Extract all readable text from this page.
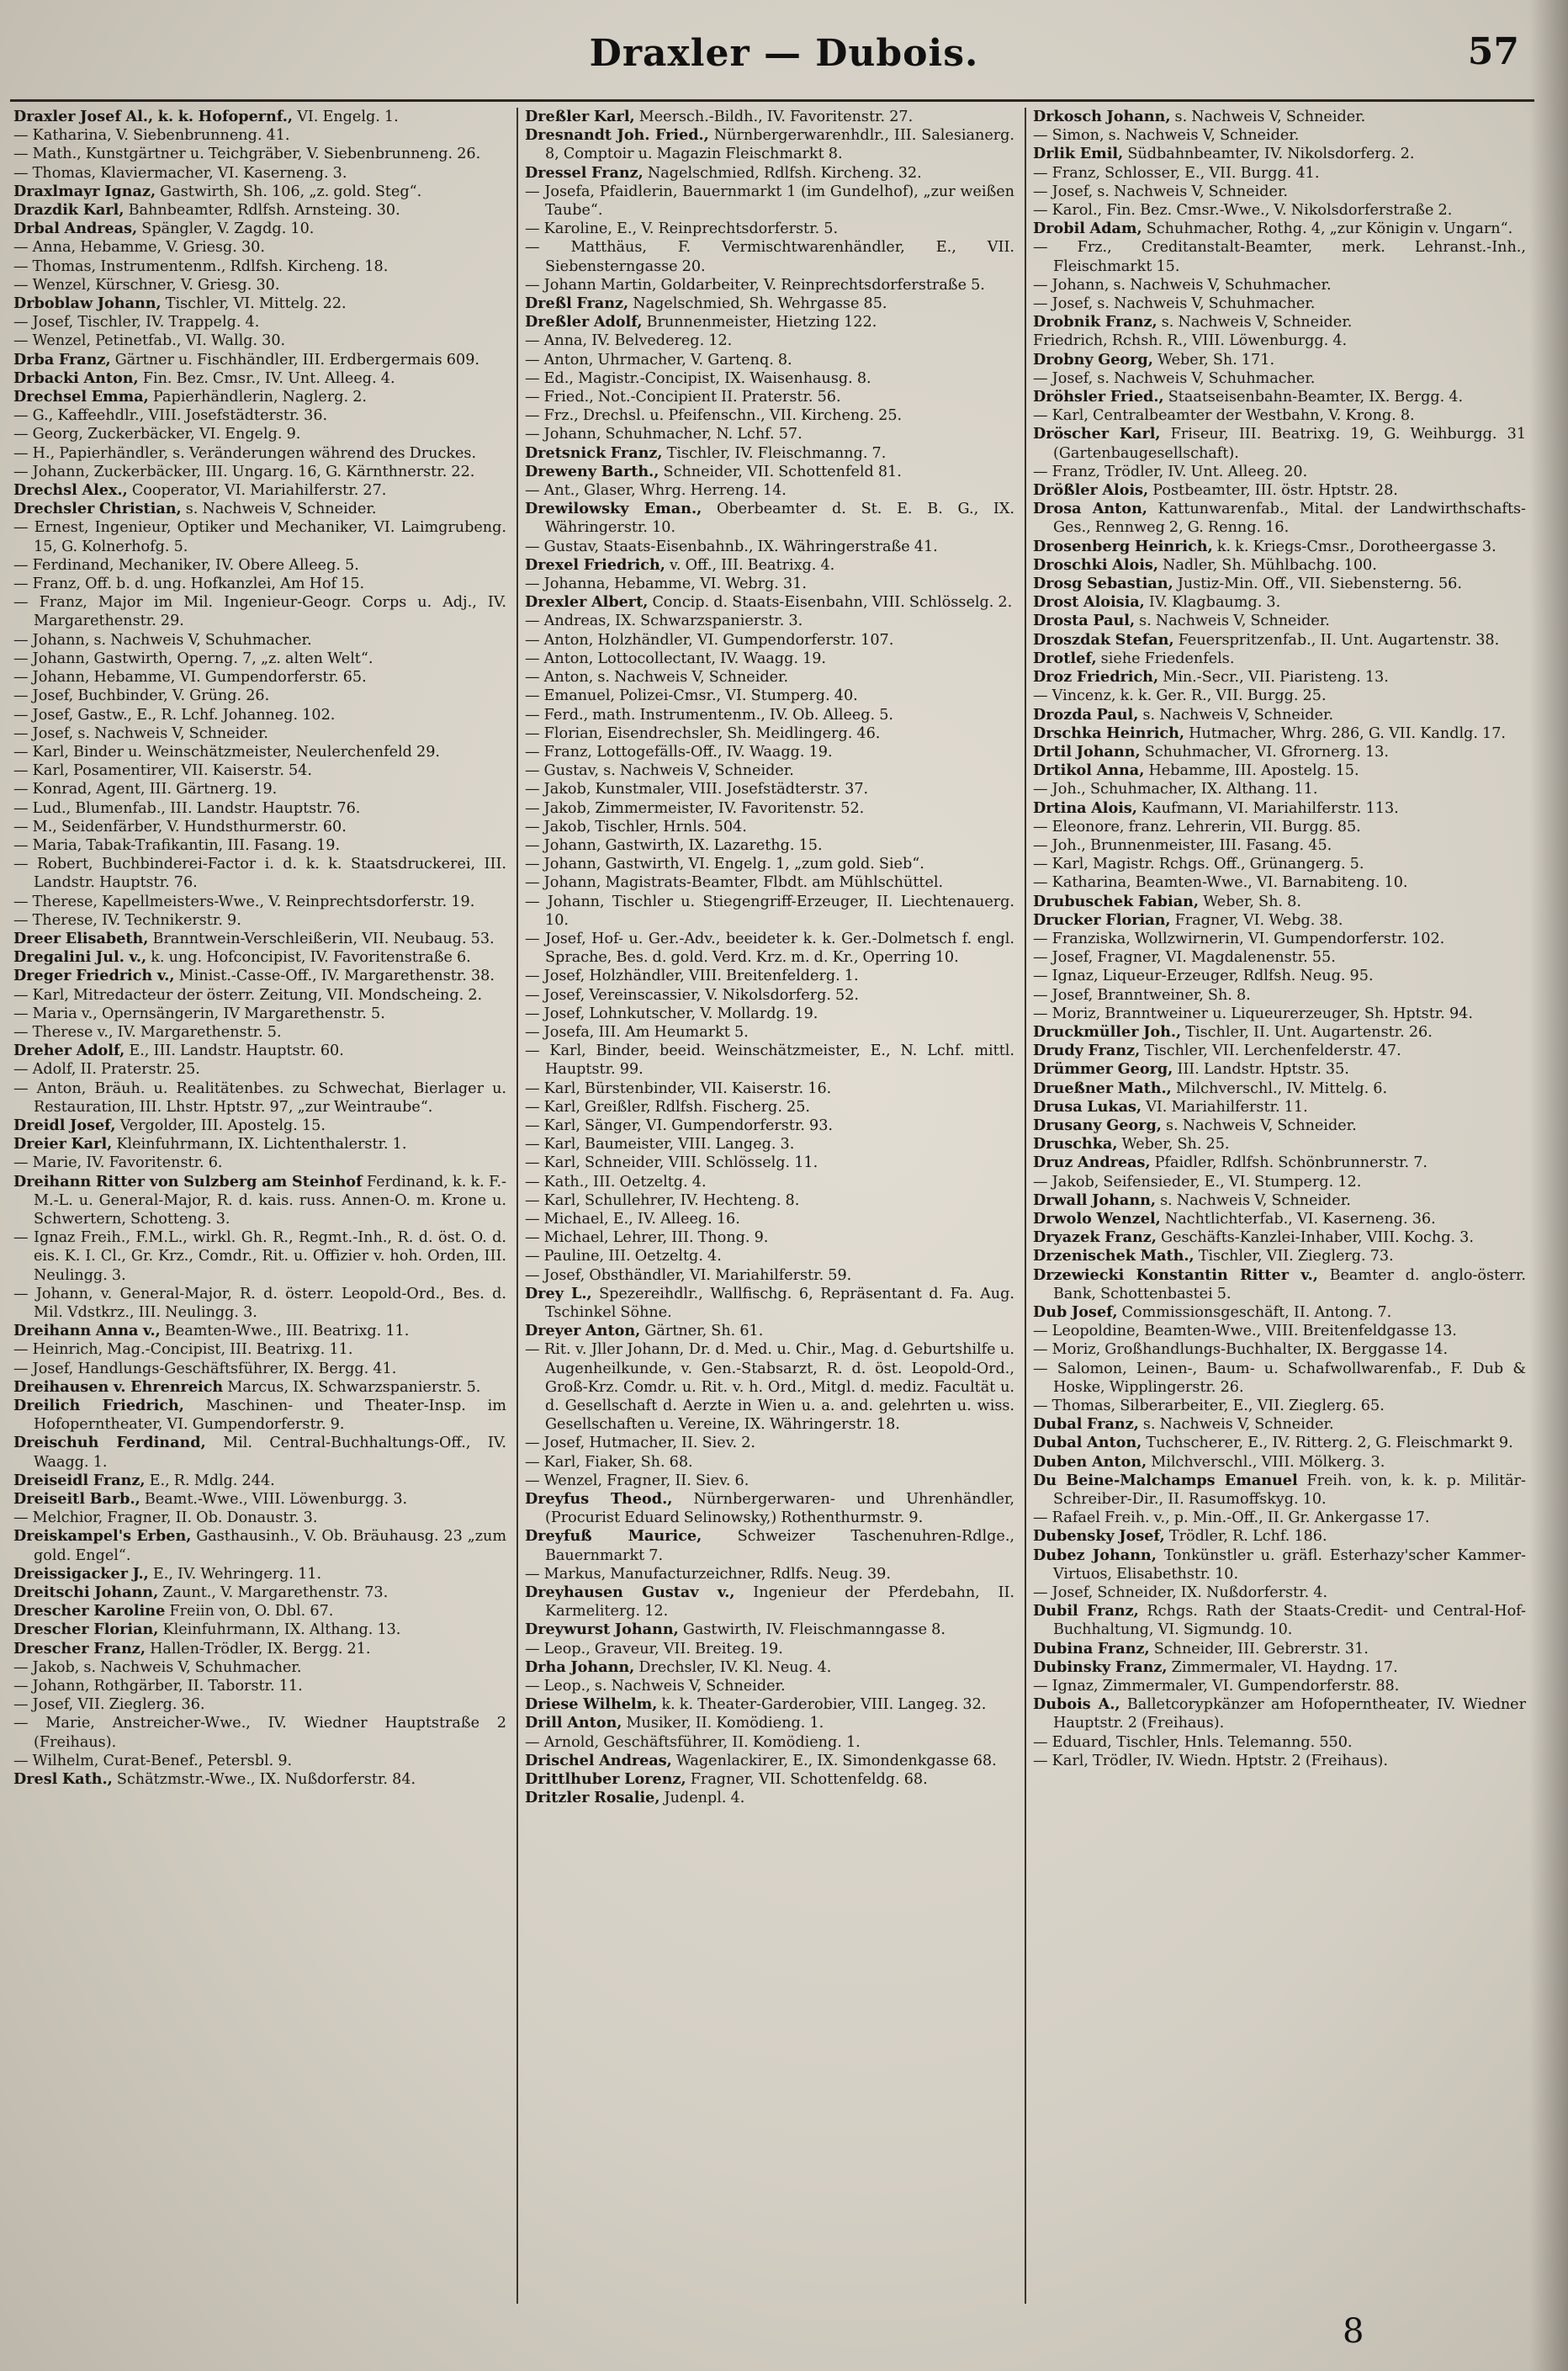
Draxler — Dubois.	57

Draxler Josef Al., k. k. Hofopernf., VI. Engelg. 1.

— Katharina, V. Siebenbrunneng. 41.

— Math., Kunstgärtner u. Teichgräber, V. Siebenbrunneng. 26.

— Thomas, Klaviermacher, VI. Kaserneng. 3.

Draxlmayr Ignaz, Gastwirth, Sh. 106, „z. gold. Steg“.

Drazdik Karl, Bahnbeamter, Rdlfsh. Arnsteing. 30.

Drbal Andreas, Spängler, V. Zagdg. 10.

— Anna, Hebamme, V. Griesg. 30.

— Thomas, Instrumentenm., Rdlfsh. Kircheng. 18.

— Wenzel, Kürschner, V. Griesg. 30.

Drboblaw Johann, Tischler, VI. Mittelg. 22.

— Josef, Tischler, IV. Trappelg. 4.

— Wenzel, Petinetfab., VI. Wallg. 30.

Drba Franz, Gärtner u. Fischhändler, III. Erdbergermais 609.

Drbacki Anton, Fin. Bez. Cmsr., IV. Unt. Alleeg. 4.

Drechsel Emma, Papierhändlerin, Naglerg. 2.

— G., Kaffeehdlr., VIII. Josefstädterstr. 36.

— Georg, Zuckerbäcker, VI. Engelg. 9.

— H., Papierhändler, s. Veränderungen während des Druckes.

— Johann, Zuckerbäcker, III. Ungarg. 16, G. Kärnthnerstr. 22.

Drechsl Alex., Cooperator, VI. Mariahilferstr. 27.

Drechsler Christian, s. Nachweis V, Schneider.

— Ernest, Ingenieur, Optiker und Mechaniker, VI. Laimgrubeng. 15, G. Kolnerhofg. 5.

— Ferdinand, Mechaniker, IV. Obere Alleeg. 5.

— Franz, Off. b. d. ung. Hofkanzlei, Am Hof 15.

— Franz, Major im Mil. Ingenieur-Geogr. Corps u. Adj., IV. Margarethenstr. 29.

— Johann, s. Nachweis V, Schuhmacher.

— Johann, Gastwirth, Operng. 7, „z. alten Welt“.

— Johann, Hebamme, VI. Gumpendorferstr. 65.

— Josef, Buchbinder, V. Grüng. 26.

— Josef, Gastw., E., R. Lchf. Johanneg. 102.

— Josef, s. Nachweis V, Schneider.

— Karl, Binder u. Weinschätzmeister, Neulerchenfeld 29.

— Karl, Posamentirer, VII. Kaiserstr. 54.

— Konrad, Agent, III. Gärtnerg. 19.

— Lud., Blumenfab., III. Landstr. Hauptstr. 76.

— M., Seidenfärber, V. Hundsthurmerstr. 60.

— Maria, Tabak-Trafikantin, III. Fasang. 19.

— Robert, Buchbinderei-Factor i. d. k. k. Staatsdruckerei, III. Landstr. Hauptstr. 76.

— Therese, Kapellmeisters-Wwe., V. Reinprechtsdorferstr. 19.

— Therese, IV. Technikerstr. 9.

Dreer Elisabeth, Branntwein-Verschleißerin, VII. Neubaug. 53.

Dregalini Jul. v., k. ung. Hofconcipist, IV. Favoritenstraße 6.

Dreger Friedrich v., Minist.-Casse-Off., IV. Margarethenstr. 38.

— Karl, Mitredacteur der österr. Zeitung, VII. Mondscheing. 2.

— Maria v., Opernsängerin, IV Margarethenstr. 5.

— Therese v., IV. Margarethenstr. 5.

Dreher Adolf, E., III. Landstr. Hauptstr. 60.

— Adolf, II. Praterstr. 25.

— Anton, Bräuh. u. Realitätenbes. zu Schwechat, Bierlager u. Restauration, III. Lhstr. Hptstr. 97, „zur Weintraube“.

Dreidl Josef, Vergolder, III. Apostelg. 15.

Dreier Karl, Kleinfuhrmann, IX. Lichtenthalerstr. 1.

— Marie, IV. Favoritenstr. 6.

Dreihann Ritter von Sulzberg am Steinhof Ferdinand, k. k. F.-M.-L. u. General-Major, R. d. kais. russ. Annen-O. m. Krone u. Schwertern, Schotteng. 3.

— Ignaz Freih., F.M.L., wirkl. Gh. R., Regmt.-Inh., R. d. öst. O. d. eis. K. I. Cl., Gr. Krz., Comdr., Rit. u. Offizier v. hoh. Orden, III. Neulingg. 3.

— Johann, v. General-Major, R. d. österr. Leopold-Ord., Bes. d. Mil. Vdstkrz., III. Neulingg. 3.

Dreihann Anna v., Beamten-Wwe., III. Beatrixg. 11.

— Heinrich, Mag.-Concipist, III. Beatrixg. 11.

— Josef, Handlungs-Geschäftsführer, IX. Bergg. 41.

Dreihausen v. Ehrenreich Marcus, IX. Schwarzspanierstr. 5.

Dreilich Friedrich, Maschinen- und Theater-Insp. im Hofoperntheater, VI. Gumpendorferstr. 9.

Dreischuh Ferdinand, Mil. Central-Buchhaltungs-Off., IV. Waagg. 1.

Dreiseidl Franz, E., R. Mdlg. 244.

Dreiseitl Barb., Beamt.-Wwe., VIII. Löwenburgg. 3.

— Melchior, Fragner, II. Ob. Donaustr. 3.

Dreiskampel's Erben, Gasthausinh., V. Ob. Bräuhausg. 23 „zum gold. Engel“.

Dreissigacker J., E., IV. Wehringerg. 11.

Dreitschi Johann, Zaunt., V. Margarethenstr. 73.

Drescher Karoline Freiin von, O. Dbl. 67.

Drescher Florian, Kleinfuhrmann, IX. Althang. 13.

Drescher Franz, Hallen-Trödler, IX. Bergg. 21.

— Jakob, s. Nachweis V, Schuhmacher.

— Johann, Rothgärber, II. Taborstr. 11.

— Josef, VII. Zieglerg. 36.

— Marie, Anstreicher-Wwe., IV. Wiedner Hauptstraße 2 (Freihaus).

— Wilhelm, Curat-Benef., Petersbl. 9.

Dresl Kath., Schätzmstr.-Wwe., IX. Nußdorferstr. 84.

Dreßler Karl, Meersch.-Bildh., IV. Favoritenstr. 27.

Dresnandt Joh. Fried., Nürnbergerwarenhdlr., III. Salesianerg. 8, Comptoir u. Magazin Fleischmarkt 8.

Dressel Franz, Nagelschmied, Rdlfsh. Kircheng. 32.

— Josefa, Pfaidlerin, Bauernmarkt 1 (im Gundelhof), „zur weißen Taube“.

— Karoline, E., V. Reinprechtsdorferstr. 5.

— Matthäus, F. Vermischtwarenhändler, E., VII. Siebensterngasse 20.

— Johann Martin, Goldarbeiter, V. Reinprechtsdorferstraße 5.

Dreßl Franz, Nagelschmied, Sh. Wehrgasse 85.

Dreßler Adolf, Brunnenmeister, Hietzing 122.

— Anna, IV. Belvedereg. 12.

— Anton, Uhrmacher, V. Gartenq. 8.

— Ed., Magistr.-Concipist, IX. Waisenhausg. 8.

— Fried., Not.-Concipient II. Praterstr. 56.

— Frz., Drechsl. u. Pfeifenschn., VII. Kircheng. 25.

— Johann, Schuhmacher, N. Lchf. 57.

Dretsnick Franz, Tischler, IV. Fleischmanng. 7.

Dreweny Barth., Schneider, VII. Schottenfeld 81.

— Ant., Glaser, Whrg. Herreng. 14.

Drewilowsky Eman., Oberbeamter d. St. E. B. G., IX. Währingerstr. 10.

— Gustav, Staats-Eisenbahnb., IX. Währingerstraße 41.

Drexel Friedrich, v. Off., III. Beatrixg. 4.

— Johanna, Hebamme, VI. Webrg. 31.

Drexler Albert, Concip. d. Staats-Eisenbahn, VIII. Schlösselg. 2.

— Andreas, IX. Schwarzspanierstr. 3.

— Anton, Holzhändler, VI. Gumpendorferstr. 107.

— Anton, Lottocollectant, IV. Waagg. 19.

— Anton, s. Nachweis V, Schneider.

— Emanuel, Polizei-Cmsr., VI. Stumperg. 40.

— Ferd., math. Instrumentenm., IV. Ob. Alleeg. 5.

— Florian, Eisendrechsler, Sh. Meidlingerg. 46.

— Franz, Lottogefälls-Off., IV. Waagg. 19.

— Gustav, s. Nachweis V, Schneider.

— Jakob, Kunstmaler, VIII. Josefstädterstr. 37.

— Jakob, Zimmermeister, IV. Favoritenstr. 52.

— Jakob, Tischler, Hrnls. 504.

— Johann, Gastwirth, IX. Lazarethg. 15.

— Johann, Gastwirth, VI. Engelg. 1, „zum gold. Sieb“.

— Johann, Magistrats-Beamter, Flbdt. am Mühlschüttel.

— Johann, Tischler u. Stiegengriff-Erzeuger, II. Liechtenauerg. 10.

— Josef, Hof- u. Ger.-Adv., beeideter k. k. Ger.-Dolmetsch f. engl. Sprache, Bes. d. gold. Verd. Krz. m. d. Kr., Operring 10.

— Josef, Holzhändler, VIII. Breitenfelderg. 1.

— Josef, Vereinscassier, V. Nikolsdorferg. 52.

— Josef, Lohnkutscher, V. Mollardg. 19.

— Josefa, III. Am Heumarkt 5.

— Karl, Binder, beeid. Weinschätzmeister, E., N. Lchf. mittl. Hauptstr. 99.

— Karl, Bürstenbinder, VII. Kaiserstr. 16.

— Karl, Greißler, Rdlfsh. Fischerg. 25.

— Karl, Sänger, VI. Gumpendorferstr. 93.

— Karl, Baumeister, VIII. Langeg. 3.

— Karl, Schneider, VIII. Schlösselg. 11.

— Kath., III. Oetzeltg. 4.

— Karl, Schullehrer, IV. Hechteng. 8.

— Michael, E., IV. Alleeg. 16.

— Michael, Lehrer, III. Thong. 9.

— Pauline, III. Oetzeltg. 4.

— Josef, Obsthändler, VI. Mariahilferstr. 59.

Drey L., Spezereihdlr., Wallfischg. 6, Repräsentant d. Fa. Aug. Tschinkel Söhne.

Dreyer Anton, Gärtner, Sh. 61.

— Rit. v. Jller Johann, Dr. d. Med. u. Chir., Mag. d. Geburtshilfe u. Augenheilkunde, v. Gen.-Stabsarzt, R. d. öst. Leopold-Ord., Groß-Krz. Comdr. u. Rit. v. h. Ord., Mitgl. d. mediz. Facultät u. d. Gesellschaft d. Aerzte in Wien u. a. and. gelehrten u. wiss. Gesellschaften u. Vereine, IX. Währingerstr. 18.

— Josef, Hutmacher, II. Siev. 2.

— Karl, Fiaker, Sh. 68.

— Wenzel, Fragner, II. Siev. 6.

Dreyfus Theod., Nürnbergerwaren- und Uhrenhändler, (Procurist Eduard Selinowsky,) Rothenthurmstr. 9.

Dreyfuß Maurice, Schweizer Taschenuhren-Rdlge., Bauernmarkt 7.

— Markus, Manufacturzeichner, Rdlfs. Neug. 39.

Dreyhausen Gustav v., Ingenieur der Pferdebahn, II. Karmeliterg. 12.

Dreywurst Johann, Gastwirth, IV. Fleischmanngasse 8.

— Leop., Graveur, VII. Breiteg. 19.

Drha Johann, Drechsler, IV. Kl. Neug. 4.

— Leop., s. Nachweis V, Schneider.

Driese Wilhelm, k. k. Theater-Garderobier, VIII. Langeg. 32.

Drill Anton, Musiker, II. Komödieng. 1.

— Arnold, Geschäftsführer, II. Komödieng. 1.

Drischel Andreas, Wagenlackirer, E., IX. Simondenkgasse 68.

Drittlhuber Lorenz, Fragner, VII. Schottenfeldg. 68.

Dritzler Rosalie, Judenpl. 4.

Drkosch Johann, s. Nachweis V, Schneider.

— Simon, s. Nachweis V, Schneider.

Drlik Emil, Südbahnbeamter, IV. Nikolsdorferg. 2.

— Franz, Schlosser, E., VII. Burgg. 41.

— Josef, s. Nachweis V, Schneider.

— Karol., Fin. Bez. Cmsr.-Wwe., V. Nikolsdorferstraße 2.

Drobil Adam, Schuhmacher, Rothg. 4, „zur Königin v. Ungarn“.

— Frz., Creditanstalt-Beamter, merk. Lehranst.-Inh., Fleischmarkt 15.

— Johann, s. Nachweis V, Schuhmacher.

— Josef, s. Nachweis V, Schuhmacher.

Drobnik Franz, s. Nachweis V, Schneider.

Friedrich, Rchsh. R., VIII. Löwenburgg. 4.

Drobny Georg, Weber, Sh. 171.

— Josef, s. Nachweis V, Schuhmacher.

Dröhsler Fried., Staatseisenbahn-Beamter, IX. Bergg. 4.

— Karl, Centralbeamter der Westbahn, V. Krong. 8.

Dröscher Karl, Friseur, III. Beatrixg. 19, G. Weihburgg. 31 (Gartenbaugesellschaft).

— Franz, Trödler, IV. Unt. Alleeg. 20.

Drößler Alois, Postbeamter, III. östr. Hptstr. 28.

Drosa Anton, Kattunwarenfab., Mital. der Landwirthschafts-Ges., Rennweg 2, G. Renng. 16.

Drosenberg Heinrich, k. k. Kriegs-Cmsr., Dorotheergasse 3.

Droschki Alois, Nadler, Sh. Mühlbachg. 100.

Drosg Sebastian, Justiz-Min. Off., VII. Siebensterng. 56.

Drost Aloisia, IV. Klagbaumg. 3.

Drosta Paul, s. Nachweis V, Schneider.

Droszdak Stefan, Feuerspritzenfab., II. Unt. Augartenstr. 38.

Drotlef, siehe Friedenfels.

Droz Friedrich, Min.-Secr., VII. Piaristeng. 13.

— Vincenz, k. k. Ger. R., VII. Burgg. 25.

Drozda Paul, s. Nachweis V, Schneider.

Drschka Heinrich, Hutmacher, Whrg. 286, G. VII. Kandlg. 17.

Drtil Johann, Schuhmacher, VI. Gfrornerg. 13.

Drtikol Anna, Hebamme, III. Apostelg. 15.

— Joh., Schuhmacher, IX. Althang. 11.

Drtina Alois, Kaufmann, VI. Mariahilferstr. 113.

— Eleonore, franz. Lehrerin, VII. Burgg. 85.

— Joh., Brunnenmeister, III. Fasang. 45.

— Karl, Magistr. Rchgs. Off., Grünangerg. 5.

— Katharina, Beamten-Wwe., VI. Barnabiteng. 10.

Drubuschek Fabian, Weber, Sh. 8.

Drucker Florian, Fragner, VI. Webg. 38.

— Franziska, Wollzwirnerin, VI. Gumpendorferstr. 102.

— Josef, Fragner, VI. Magdalenenstr. 55.

— Ignaz, Liqueur-Erzeuger, Rdlfsh. Neug. 95.

— Josef, Branntweiner, Sh. 8.

— Moriz, Branntweiner u. Liqueurerzeuger, Sh. Hptstr. 94.

Druckmüller Joh., Tischler, II. Unt. Augartenstr. 26.

Drudy Franz, Tischler, VII. Lerchenfelderstr. 47.

Drümmer Georg, III. Landstr. Hptstr. 35.

Drueßner Math., Milchverschl., IV. Mittelg. 6.

Drusa Lukas, VI. Mariahilferstr. 11.

Drusany Georg, s. Nachweis V, Schneider.

Druschka, Weber, Sh. 25.

Druz Andreas, Pfaidler, Rdlfsh. Schönbrunnerstr. 7.

— Jakob, Seifensieder, E., VI. Stumperg. 12.

Drwall Johann, s. Nachweis V, Schneider.

Drwolo Wenzel, Nachtlichterfab., VI. Kaserneng. 36.

Dryazek Franz, Geschäfts-Kanzlei-Inhaber, VIII. Kochg. 3.

Drzenischek Math., Tischler, VII. Zieglerg. 73.

Drzewiecki Konstantin Ritter v., Beamter d. anglo-österr. Bank, Schottenbastei 5.

Dub Josef, Commissionsgeschäft, II. Antong. 7.

— Leopoldine, Beamten-Wwe., VIII. Breitenfeldgasse 13.

— Moriz, Großhandlungs-Buchhalter, IX. Berggasse 14.

— Salomon, Leinen-, Baum- u. Schafwollwarenfab., F. Dub & Hoske, Wipplingerstr. 26.

— Thomas, Silberarbeiter, E., VII. Zieglerg. 65.

Dubal Franz, s. Nachweis V, Schneider.

Dubal Anton, Tuchscherer, E., IV. Ritterg. 2, G. Fleischmarkt 9.

Duben Anton, Milchverschl., VIII. Mölkerg. 3.

Du Beine-Malchamps Emanuel Freih. von, k. k. p. Militär-Schreiber-Dir., II. Rasumoffskyg. 10.

— Rafael Freih. v., p. Min.-Off., II. Gr. Ankergasse 17.

Dubensky Josef, Trödler, R. Lchf. 186.

Dubez Johann, Tonkünstler u. gräfl. Esterhazy'scher Kammer-Virtuos, Elisabethstr. 10.

— Josef, Schneider, IX. Nußdorferstr. 4.

Dubil Franz, Rchgs. Rath der Staats-Credit- und Central-Hof-Buchhaltung, VI. Sigmundg. 10.

Dubina Franz, Schneider, III. Gebrerstr. 31.

Dubinsky Franz, Zimmermaler, VI. Haydng. 17.

— Ignaz, Zimmermaler, VI. Gumpendorferstr. 88.

Dubois A., Balletcorypkänzer am Hofoperntheater, IV. Wiedner Hauptstr. 2 (Freihaus).

— Eduard, Tischler, Hnls. Telemanng. 550.

— Karl, Trödler, IV. Wiedn. Hptstr. 2 (Freihaus).

8
